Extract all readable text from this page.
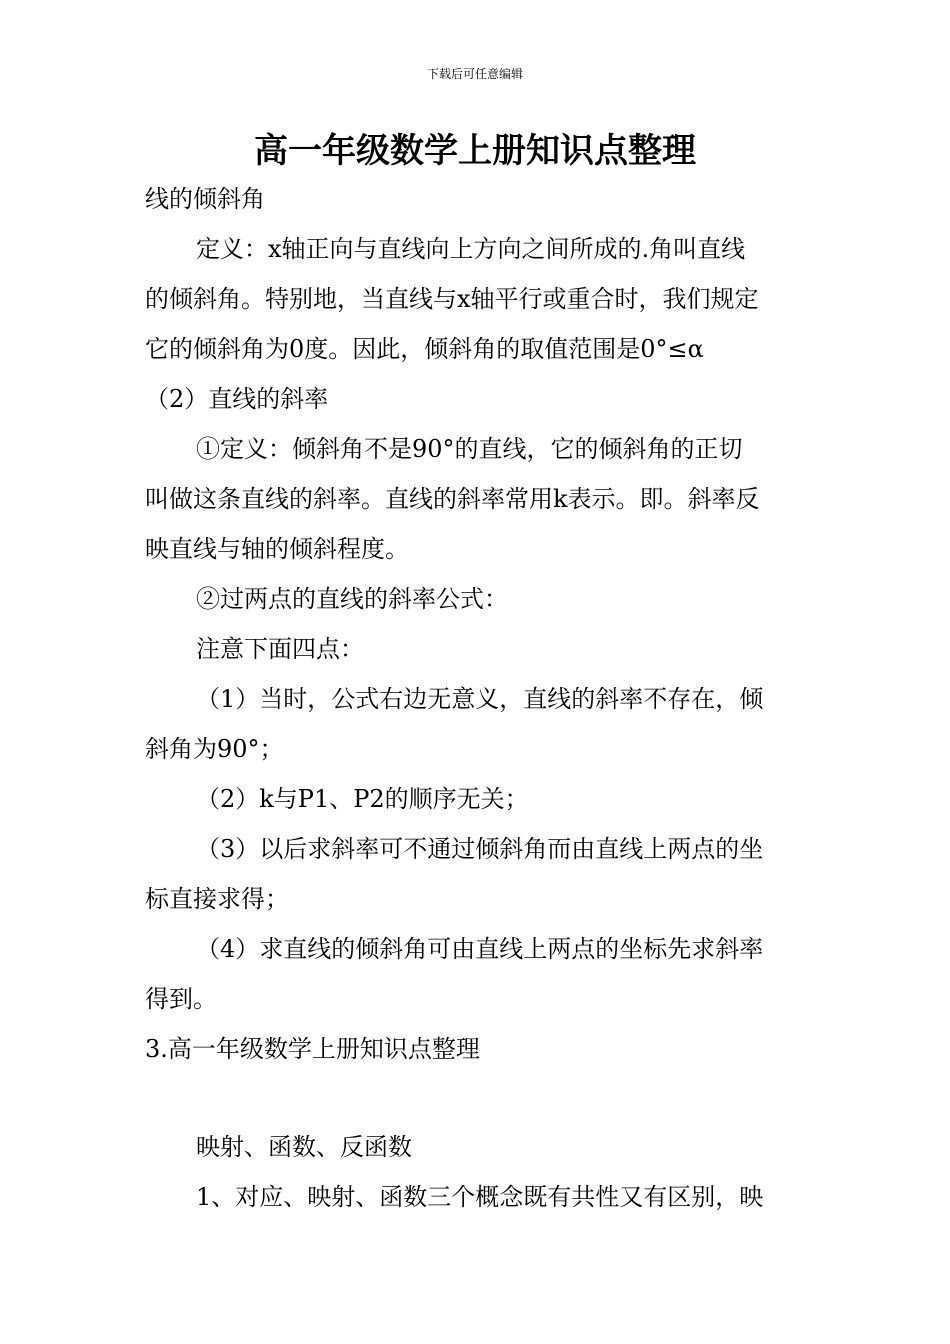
下载后可任意编辑
高一年级数学上册知识点整理
线的倾斜角
定义：x轴正向与直线向上方向之间所成的.角叫直线
的倾斜角。特别地，当直线与x轴平行或重合时，我们规定
它的倾斜角为0度。因此，倾斜角的取值范围是0°≤α
（2）直线的斜率
①定义：倾斜角不是90°的直线，它的倾斜角的正切
叫做这条直线的斜率。直线的斜率常用k表示。即。斜率反
映直线与轴的倾斜程度。
②过两点的直线的斜率公式：
注意下面四点：
（1）当时，公式右边无意义，直线的斜率不存在，倾
斜角为90°；
（2）k与P1、P2的顺序无关；
（3）以后求斜率可不通过倾斜角而由直线上两点的坐
标直接求得；
（4）求直线的倾斜角可由直线上两点的坐标先求斜率
得到。
3.高一年级数学上册知识点整理
映射、函数、反函数
1、对应、映射、函数三个概念既有共性又有区别，映
